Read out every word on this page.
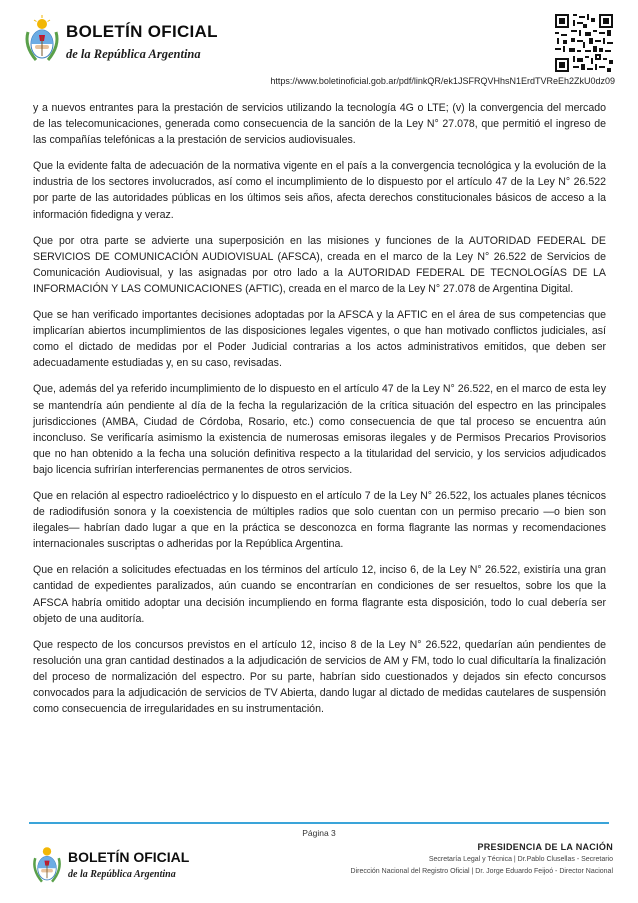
BOLETÍN OFICIAL
de la República Argentina
https://www.boletinoficial.gob.ar/pdf/linkQR/ek1JSFRQVHhsN1ErdTVReEh2ZkU0dz09

y a nuevos entrantes para la prestación de servicios utilizando la tecnología 4G o LTE; (v) la convergencia del mercado de las telecomunicaciones, generada como consecuencia de la sanción de la Ley N° 27.078, que permitió el ingreso de las compañías telefónicas a la prestación de servicios audiovisuales.

Que la evidente falta de adecuación de la normativa vigente en el país a la convergencia tecnológica y la evolución de la industria de los sectores involucrados, así como el incumplimiento de lo dispuesto por el artículo 47 de la Ley N° 26.522 por parte de las autoridades públicas en los últimos seis años, afecta derechos constitucionales básicos de acceso a la información fidedigna y veraz.

Que por otra parte se advierte una superposición en las misiones y funciones de la AUTORIDAD FEDERAL DE SERVICIOS DE COMUNICACIÓN AUDIOVISUAL (AFSCA), creada en el marco de la Ley N° 26.522 de Servicios de Comunicación Audiovisual, y las asignadas por otro lado a la AUTORIDAD FEDERAL DE TECNOLOGÍAS DE LA INFORMACIÓN Y LAS COMUNICACIONES (AFTIC), creada en el marco de la Ley N° 27.078 de Argentina Digital.

Que se han verificado importantes decisiones adoptadas por la AFSCA y la AFTIC en el área de sus competencias que implicarían abiertos incumplimientos de las disposiciones legales vigentes, o que han motivado conflictos judiciales, así como el dictado de medidas por el Poder Judicial contrarias a los actos administrativos emitidos, que deben ser adecuadamente estudiadas y, en su caso, revisadas.

Que, además del ya referido incumplimiento de lo dispuesto en el artículo 47 de la Ley N° 26.522, en el marco de esta ley se mantendría aún pendiente al día de la fecha la regularización de la crítica situación del espectro en las principales jurisdicciones (AMBA, Ciudad de Córdoba, Rosario, etc.) como consecuencia de que tal proceso se encuentra aún inconcluso. Se verificaría asimismo la existencia de numerosas emisoras ilegales y de Permisos Precarios Provisorios que no han obtenido a la fecha una solución definitiva respecto a la titularidad del servicio, y los servicios adjudicados bajo licencia sufrirían interferencias permanentes de otros servicios.

Que en relación al espectro radioeléctrico y lo dispuesto en el artículo 7 de la Ley N° 26.522, los actuales planes técnicos de radiodifusión sonora y la coexistencia de múltiples radios que solo cuentan con un permiso precario —o bien son ilegales— habrían dado lugar a que en la práctica se desconozca en forma flagrante las normas y recomendaciones internacionales suscriptas o adheridas por la República Argentina.

Que en relación a solicitudes efectuadas en los términos del artículo 12, inciso 6, de la Ley N° 26.522, existiría una gran cantidad de expedientes paralizados, aún cuando se encontrarían en condiciones de ser resueltos, sobre los que la AFSCA habría omitido adoptar una decisión incumpliendo en forma flagrante esta disposición, todo lo cual debería ser objeto de una auditoría.

Que respecto de los concursos previstos en el artículo 12, inciso 8 de la Ley N° 26.522, quedarían aún pendientes de resolución una gran cantidad destinados a la adjudicación de servicios de AM y FM, todo lo cual dificultaría la finalización del proceso de normalización del espectro. Por su parte, habrían sido cuestionados y dejados sin efecto concursos convocados para la adjudicación de servicios de TV Abierta, dando lugar al dictado de medidas cautelares de suspensión como consecuencia de irregularidades en su instrumentación.

Página 3
BOLETÍN OFICIAL
de la República Argentina
PRESIDENCIA DE LA NACIÓN
Secretaría Legal y Técnica | Dr.Pablo Clusellas - Secretario
Dirección Nacional del Registro Oficial | Dr. Jorge Eduardo Feijoó - Director Nacional
